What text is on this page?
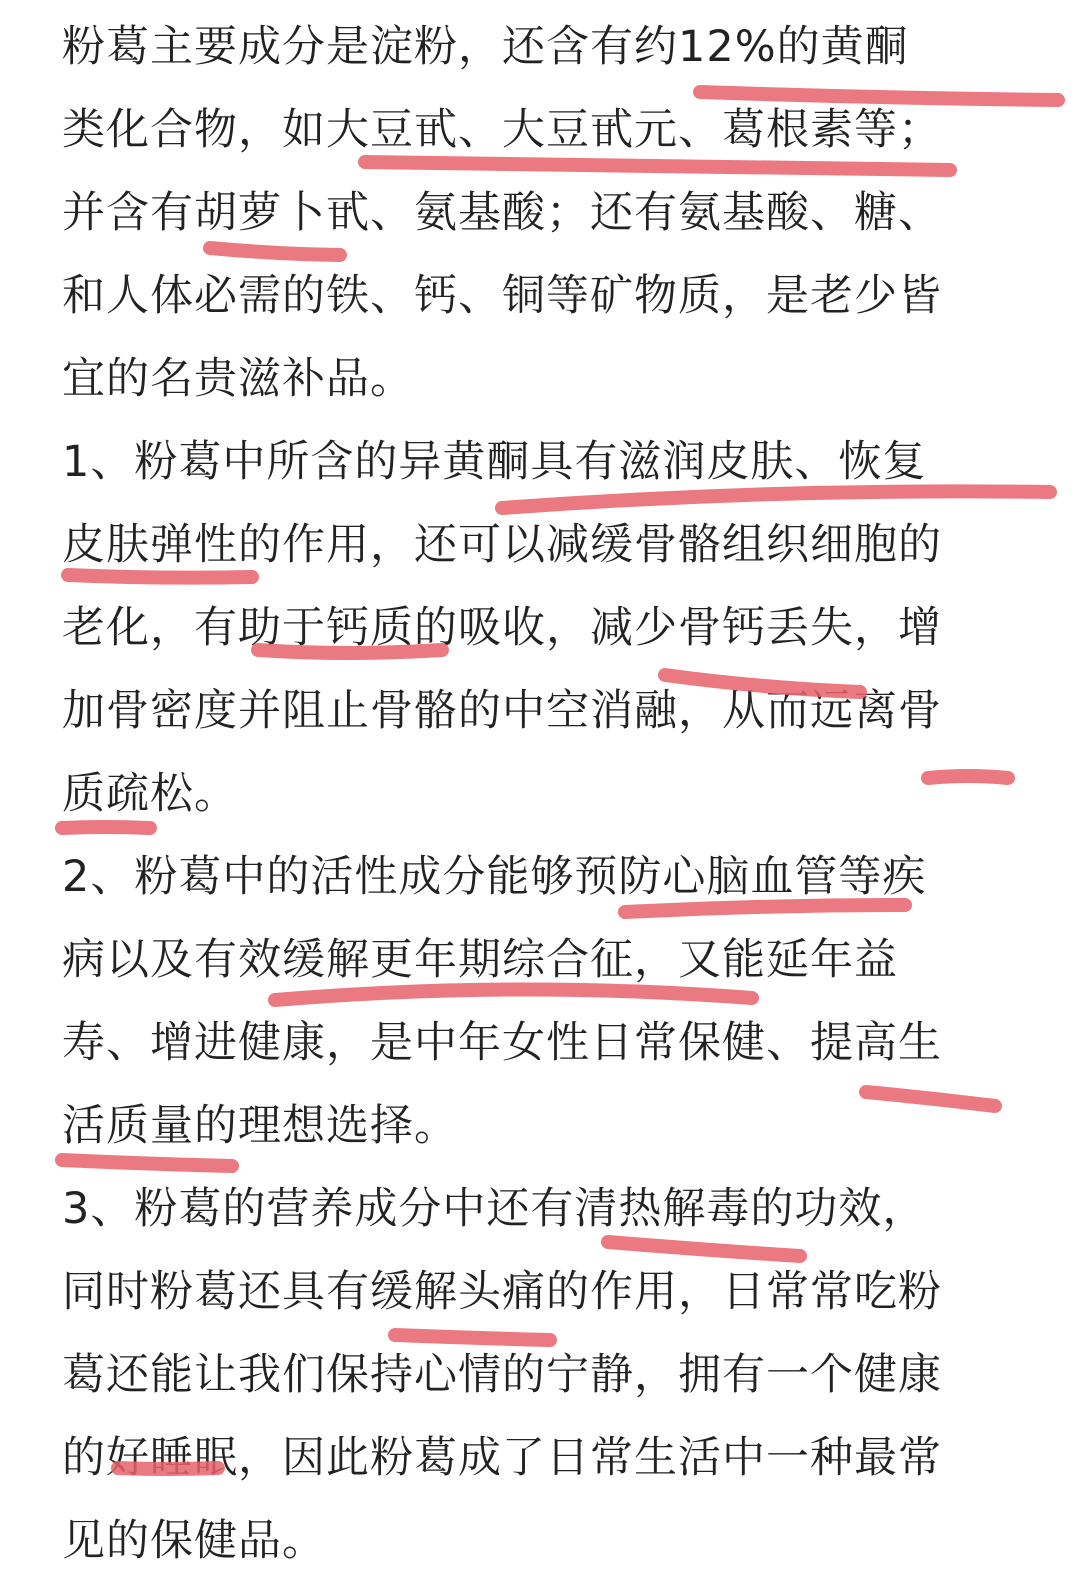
粉葛主要成分是淀粉，还含有约12%的黄酮
类化合物，如大豆甙、大豆甙元、葛根素等；
并含有胡萝卜甙、氨基酸；还有氨基酸、糖、
和人体必需的铁、钙、铜等矿物质，是老少皆
宜的名贵滋补品。
1、粉葛中所含的异黄酮具有滋润皮肤、恢复
皮肤弹性的作用，还可以减缓骨骼组织细胞的
老化，有助于钙质的吸收，减少骨钙丢失，增
加骨密度并阻止骨骼的中空消融，从而远离骨
质疏松。
2、粉葛中的活性成分能够预防心脑血管等疾
病以及有效缓解更年期综合征，又能延年益
寿、增进健康，是中年女性日常保健、提高生
活质量的理想选择。
3、粉葛的营养成分中还有清热解毒的功效，
同时粉葛还具有缓解头痛的作用，日常常吃粉
葛还能让我们保持心情的宁静，拥有一个健康
的好睡眠，因此粉葛成了日常生活中一种最常
见的保健品。
